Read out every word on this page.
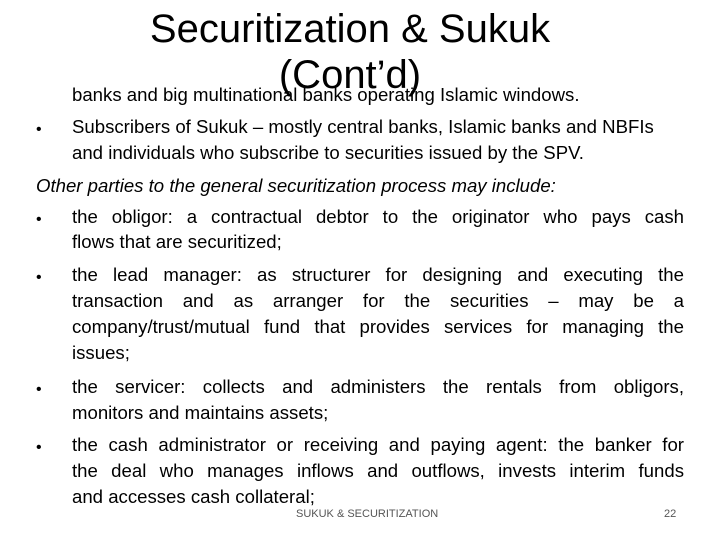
Securitization & Sukuk
(Cont’d)
banks and big multinational banks operating Islamic windows.
• Subscribers of Sukuk – mostly central banks, Islamic banks and NBFIs
and individuals who subscribe to securities issued by the SPV.
Other parties to the general securitization process may include:
• the obligor: a contractual debtor to the originator who pays cash
flows that are securitized;
• the lead manager: as structurer for designing and executing the
transaction and as arranger for the securities – may be a
company/trust/mutual fund that provides services for managing the
issues;
• the servicer: collects and administers the rentals from obligors,
monitors and maintains assets;
• the cash administrator or receiving and paying agent: the banker for
the deal who manages inflows and outflows, invests interim funds
and accesses cash collateral;
SUKUK & SECURITIZATION	22
